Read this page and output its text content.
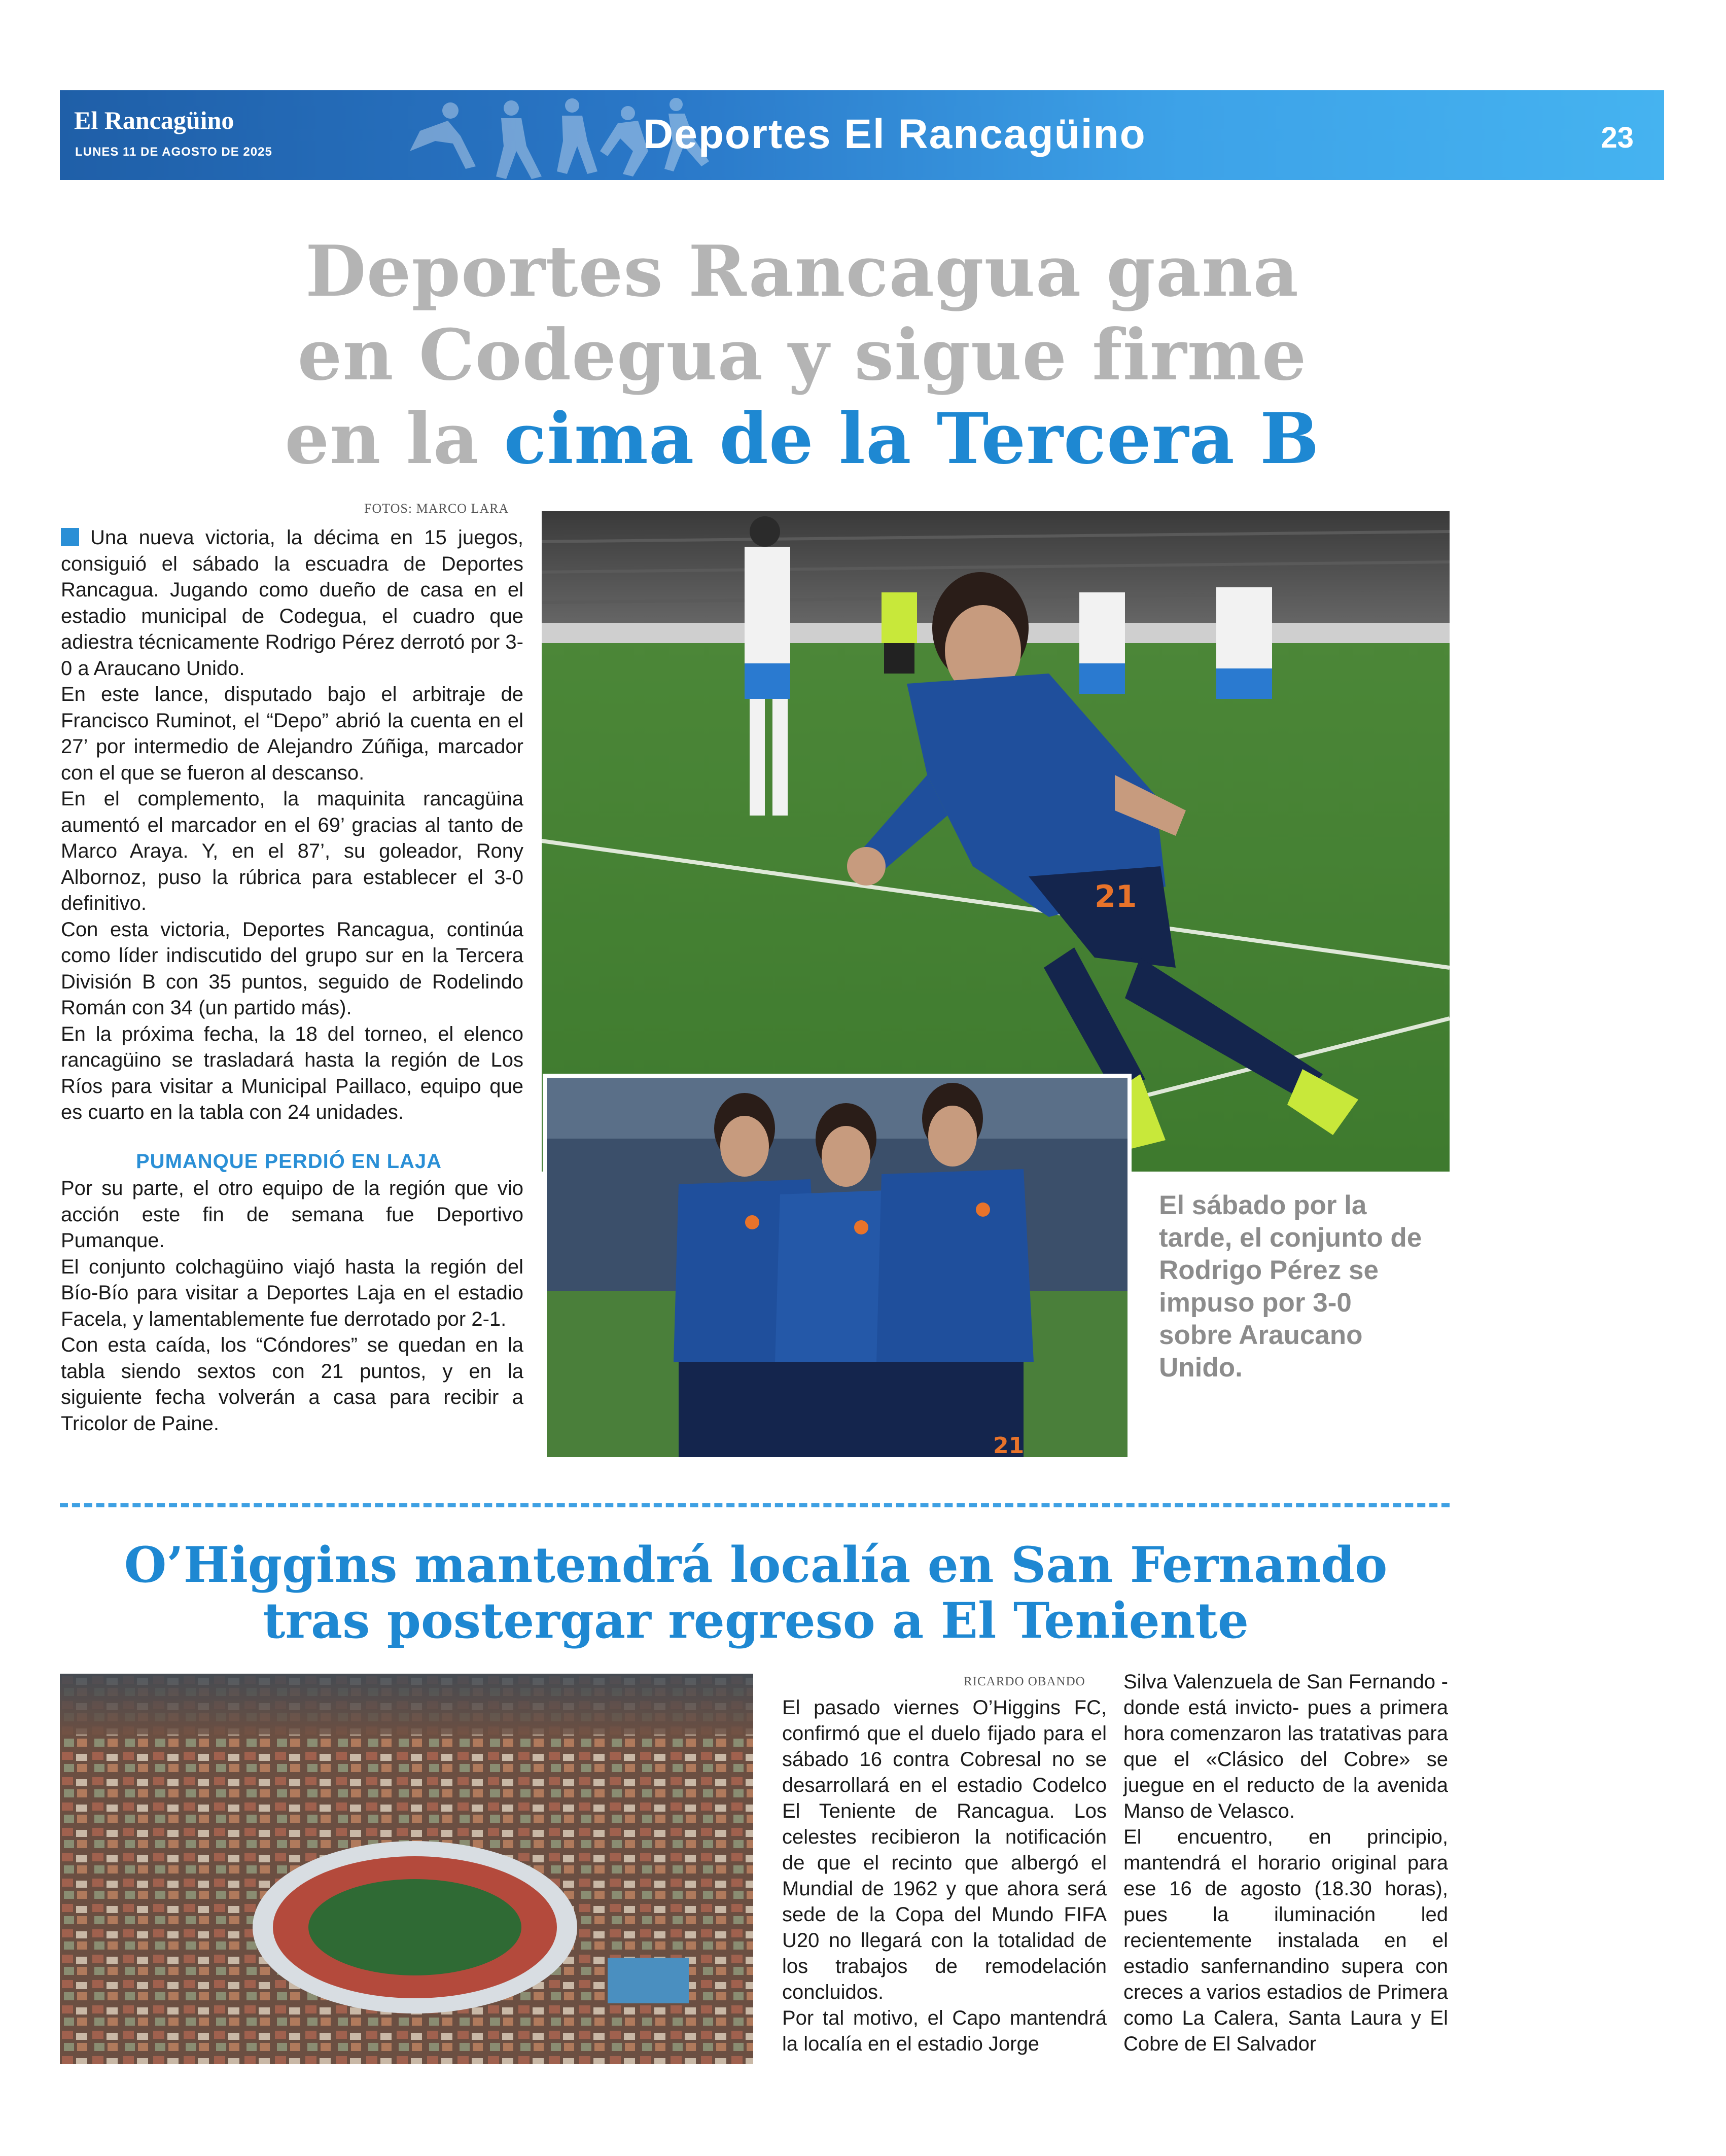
El Rancagüino
LUNES 11 DE AGOSTO DE 2025	Deportes El Rancagüino	23
Deportes Rancagua gana
en Codegua y sigue firme
en la cima de la Tercera B
FOTOS: MARCO LARA

Una nueva victoria, la décima en 15 juegos, consiguió el sábado la escuadra de Deportes Rancagua. Jugando como dueño de casa en el estadio municipal de Codegua, el cuadro que adiestra técnicamente Rodrigo Pérez derrotó por 3-0 a Araucano Unido.

En este lance, disputado bajo el arbitraje de Francisco Ruminot, el “Depo” abrió la cuenta en el 27’ por intermedio de Alejandro Zúñiga, marcador con el que se fueron al descanso.

En el complemento, la maquinita rancagüina aumentó el marcador en el 69’ gracias al tanto de Marco Araya. Y, en el 87’, su goleador, Rony Albornoz, puso la rúbrica para establecer el 3-0 definitivo.

Con esta victoria, Deportes Rancagua, continúa como líder indiscutido del grupo sur en la Tercera División B con 35 puntos, seguido de Rodelindo Román con 34 (un partido más).

En la próxima fecha, la 18 del torneo, el elenco rancagüino se trasladará hasta la región de Los Ríos para visitar a Municipal Paillaco, equipo que es cuarto en la tabla con 24 unidades.

PUMANQUE PERDIÓ EN LAJA

Por su parte, el otro equipo de la región que vio acción este fin de semana fue Deportivo Pumanque.

El conjunto colchagüino viajó hasta la región del Bío-Bío para visitar a Deportes Laja en el estadio Facela, y lamentablemente fue derrotado por 2-1.

Con esta caída, los “Cóndores” se quedan en la tabla siendo sextos con 21 puntos, y en la siguiente fecha volverán a casa para recibir a Tricolor de Paine.

21
21
El sábado por la tarde, el conjunto de Rodrigo Pérez se impuso por 3-0 sobre Araucano Unido.
O’Higgins mantendrá localía en San Fernando
tras postergar regreso a El Teniente
RICARDO OBANDO

El pasado viernes O’Higgins FC, confirmó que el duelo fijado para el sábado 16 contra Cobresal no se desarrollará en el estadio Codelco El Teniente de Rancagua. Los celestes recibieron la notificación de que el recinto que albergó el Mundial de 1962 y que ahora será sede de la Copa del Mundo FIFA U20 no llegará con la totalidad de los trabajos de remodelación concluidos.

Por tal motivo, el Capo mantendrá la localía en el estadio Jorge

Silva Valenzuela de San Fernando -donde está invicto- pues a primera hora comenzaron las tratativas para que el «Clásico del Cobre» se juegue en el reducto de la avenida Manso de Velasco.

El encuentro, en principio, mantendrá el horario original para ese 16 de agosto (18.30 horas), pues la iluminación led recientemente instalada en el estadio sanfernandino supera con creces a varios estadios de Primera como La Calera, Santa Laura y El Cobre de El Salvador
